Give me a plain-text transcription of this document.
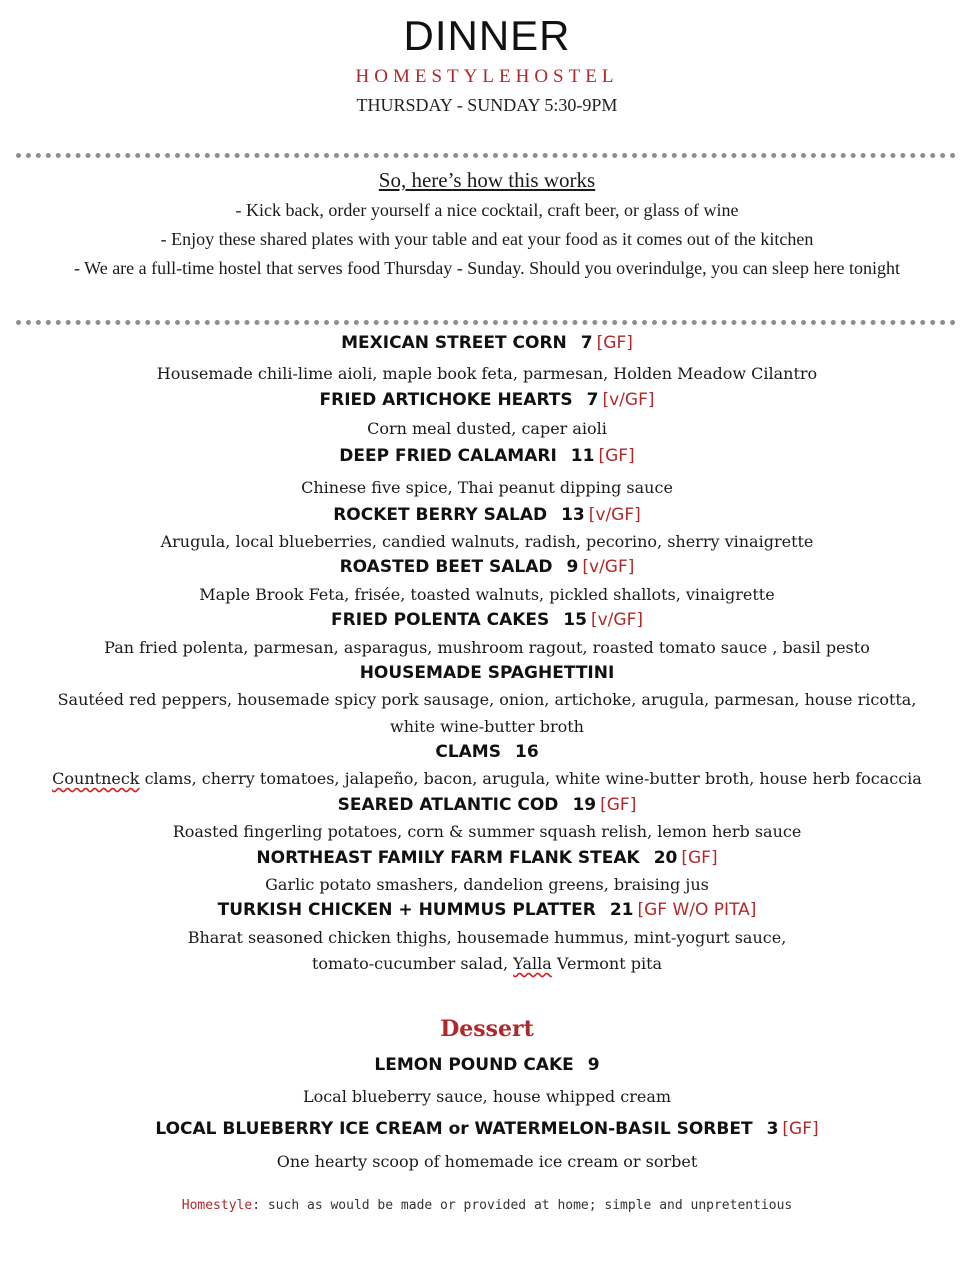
DINNER
HOMESTYLEHOSTEL
THURSDAY - SUNDAY 5:30-9PM
So, here’s how this works
- Kick back, order yourself a nice cocktail, craft beer, or glass of wine
- Enjoy these shared plates with your table and eat your food as it comes out of the kitchen
- We are a full-time hostel that serves food Thursday - Sunday. Should you overindulge, you can sleep here tonight
MEXICAN STREET CORN 7 [GF]
Housemade chili-lime aioli, maple book feta, parmesan, Holden Meadow Cilantro
FRIED ARTICHOKE HEARTS 7 [v/GF]
Corn meal dusted, caper aioli
DEEP FRIED CALAMARI 11 [GF]
Chinese five spice, Thai peanut dipping sauce
ROCKET BERRY SALAD 13 [v/GF]
Arugula, local blueberries, candied walnuts, radish, pecorino, sherry vinaigrette
ROASTED BEET SALAD 9 [v/GF]
Maple Brook Feta, frisée, toasted walnuts, pickled shallots, vinaigrette
FRIED POLENTA CAKES 15 [v/GF]
Pan fried polenta, parmesan, asparagus, mushroom ragout, roasted tomato sauce , basil pesto
HOUSEMADE SPAGHETTINI
Sautéed red peppers, housemade spicy pork sausage, onion, artichoke, arugula, parmesan, house ricotta,
white wine-butter broth
CLAMS 16
Countneck clams, cherry tomatoes, jalapeño, bacon, arugula, white wine-butter broth, house herb focaccia
SEARED ATLANTIC COD 19 [GF]
Roasted fingerling potatoes, corn & summer squash relish, lemon herb sauce
NORTHEAST FAMILY FARM FLANK STEAK 20 [GF]
Garlic potato smashers, dandelion greens, braising jus
TURKISH CHICKEN + HUMMUS PLATTER 21 [GF W/O PITA]
Bharat seasoned chicken thighs, housemade hummus, mint-yogurt sauce,
tomato-cucumber salad, Yalla Vermont pita
Dessert
LEMON POUND CAKE 9
Local blueberry sauce, house whipped cream
LOCAL BLUEBERRY ICE CREAM or WATERMELON-BASIL SORBET 3 [GF]
One hearty scoop of homemade ice cream or sorbet
Homestyle: such as would be made or provided at home; simple and unpretentious
